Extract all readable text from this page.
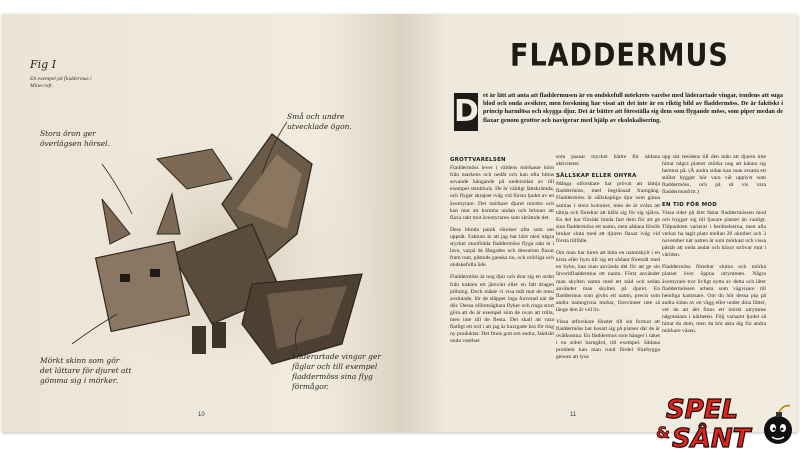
Fig I
Ett exempel på fladdermus i Minecraft.
Stora öron ger överlägsen hörsel.
Små och undre utvecklade ögon.
Mörkt skinn som gör det lättare för djuret att gömma sig i mörker.
Läderartade vingar ger fåglar och till exempel fladdermöss sina flyg förmågor.
10	11
FLADDERMUS
D et är lätt att anta att fladdermusen är en ondskefull mörkrets varelse med läderartade vingar, tendens att suga blod och onda avsikter, men forskning har visat att det inte är en riktig bild av fladdermöss. De är faktiskt i princip harmlösa och skygga djur. Det är bättre att föreställa sig dem som flygande möss, som piper medan de flaxar genom grottor och navigerar med hjälp av ekolokalisering.
GROTTVARELSEN

Fladdermöss lever i väldens mörkaste hörn från markens och nedåt och kan ofta hittas sovande hängande på undersidan av till exempel stenblock. De är väldigt lättskrämda, och flyger skrajset iväg vid första ljudet av en äventyrare. Det mörkare djuret mindre och kan mot att komma undan och brinner att flaxa rakt mot äventyraren som skrämde det.

Dess blinda panik rörelser ofta som ont uppsåt. Faktum är att jag har hört med några stycket otonfödda fladdermöss flyga rakt in i lava, varpå de fångades och dessutom flaxat fram runt, påstods ganska nu, och orörliga och ondskefulla öde.

Fladdermöss är nog djur och drar sig en ordet från trakten ett jämvärt eller en falt dragen pillning. Dock måste vi visa mål mot de mest avslutade, för de slåpper inga forcerad när de dör. Dessa oföretsägbara flyker och ringa stort göra att de är exempel söm de ovan att trilla, men inte till de flesta. Det skall att vara flatligt ett ord i att jag är kaxigade bra för ting ny produkter. Det finns gott om andra, faktiskt onda varelser

som passar mycket bättre för sådana aktiviteter.

SÄLLSKAP ELLER OHYRA

Många utforskare har prövat att tämja fladdermöss, med begränsad framgång. Fladdermöss är sällskapliga djur som gärna samlas i stora kolonier, men de är svåra att tämja och föredrar att hålla sig för sig själva. En del har försökt binda fast dem för att ge sina fladdermöss ett namn, men sådana försök brukar sluta med att djuren flaxar iväg vid första tillfälle.

Om man har turen att hitta en namnskylt i en kista eller byta till sig ett sådant föremål med en bybo, kan man använda det för att ge sin favoritfladdermus ett namn. Först använder man skylten namn med ett städ och sedan använder man skylten på djuret. En fladdermus som givits ett namn, precis som andra namngivna mobar, försvinner inte så länge den är vid liv.

Vissa utforskare fönster till sin fortnot att fladdermöss har bosatt sig på platser där de är ovälkomna. En fladdermus som hänger i taket i en sobel barngård, till exempel. Sådana problem kan man rund fördel förebygga genom att lysa

upp sitt residens till den mån att djuren inte hittar några platser mörka nog att känna sig hemma på. (Å andra sidan kan man ersatta ett stället bygger hör vara väl upplyst som fladdermöss, och på så vis vara fladdermusfritt.)

EN TID FÖR MOD

Vissa tider på året fattar fladdermössen mod och bygger sig till ljusare platser än vanligt. Tidpunkten varierar i berättelserna, men alla verkar ha tagit plats mellan 20 oktober och 3 november när natten är som mörkast och vissa påstår att onda andar och häxor strövar runt i världen.

Fladdermöss föredrar slutna och mörka platser över öppna utrymmen. Några äventyrare tror livligt nytta av detta och låter fladdermössen arbeta som vägvisare till hemliga kammare. Om du hör dessa pip på andra sidan av en vägg eller under dina fötter, vet du att det finns ett mörkt utrymme någonstans i närheten. Följ varsamt ljudet så hittar du dem, men du bör akta dig för andra mörkare väsen.

SPEL
& SÅNT
